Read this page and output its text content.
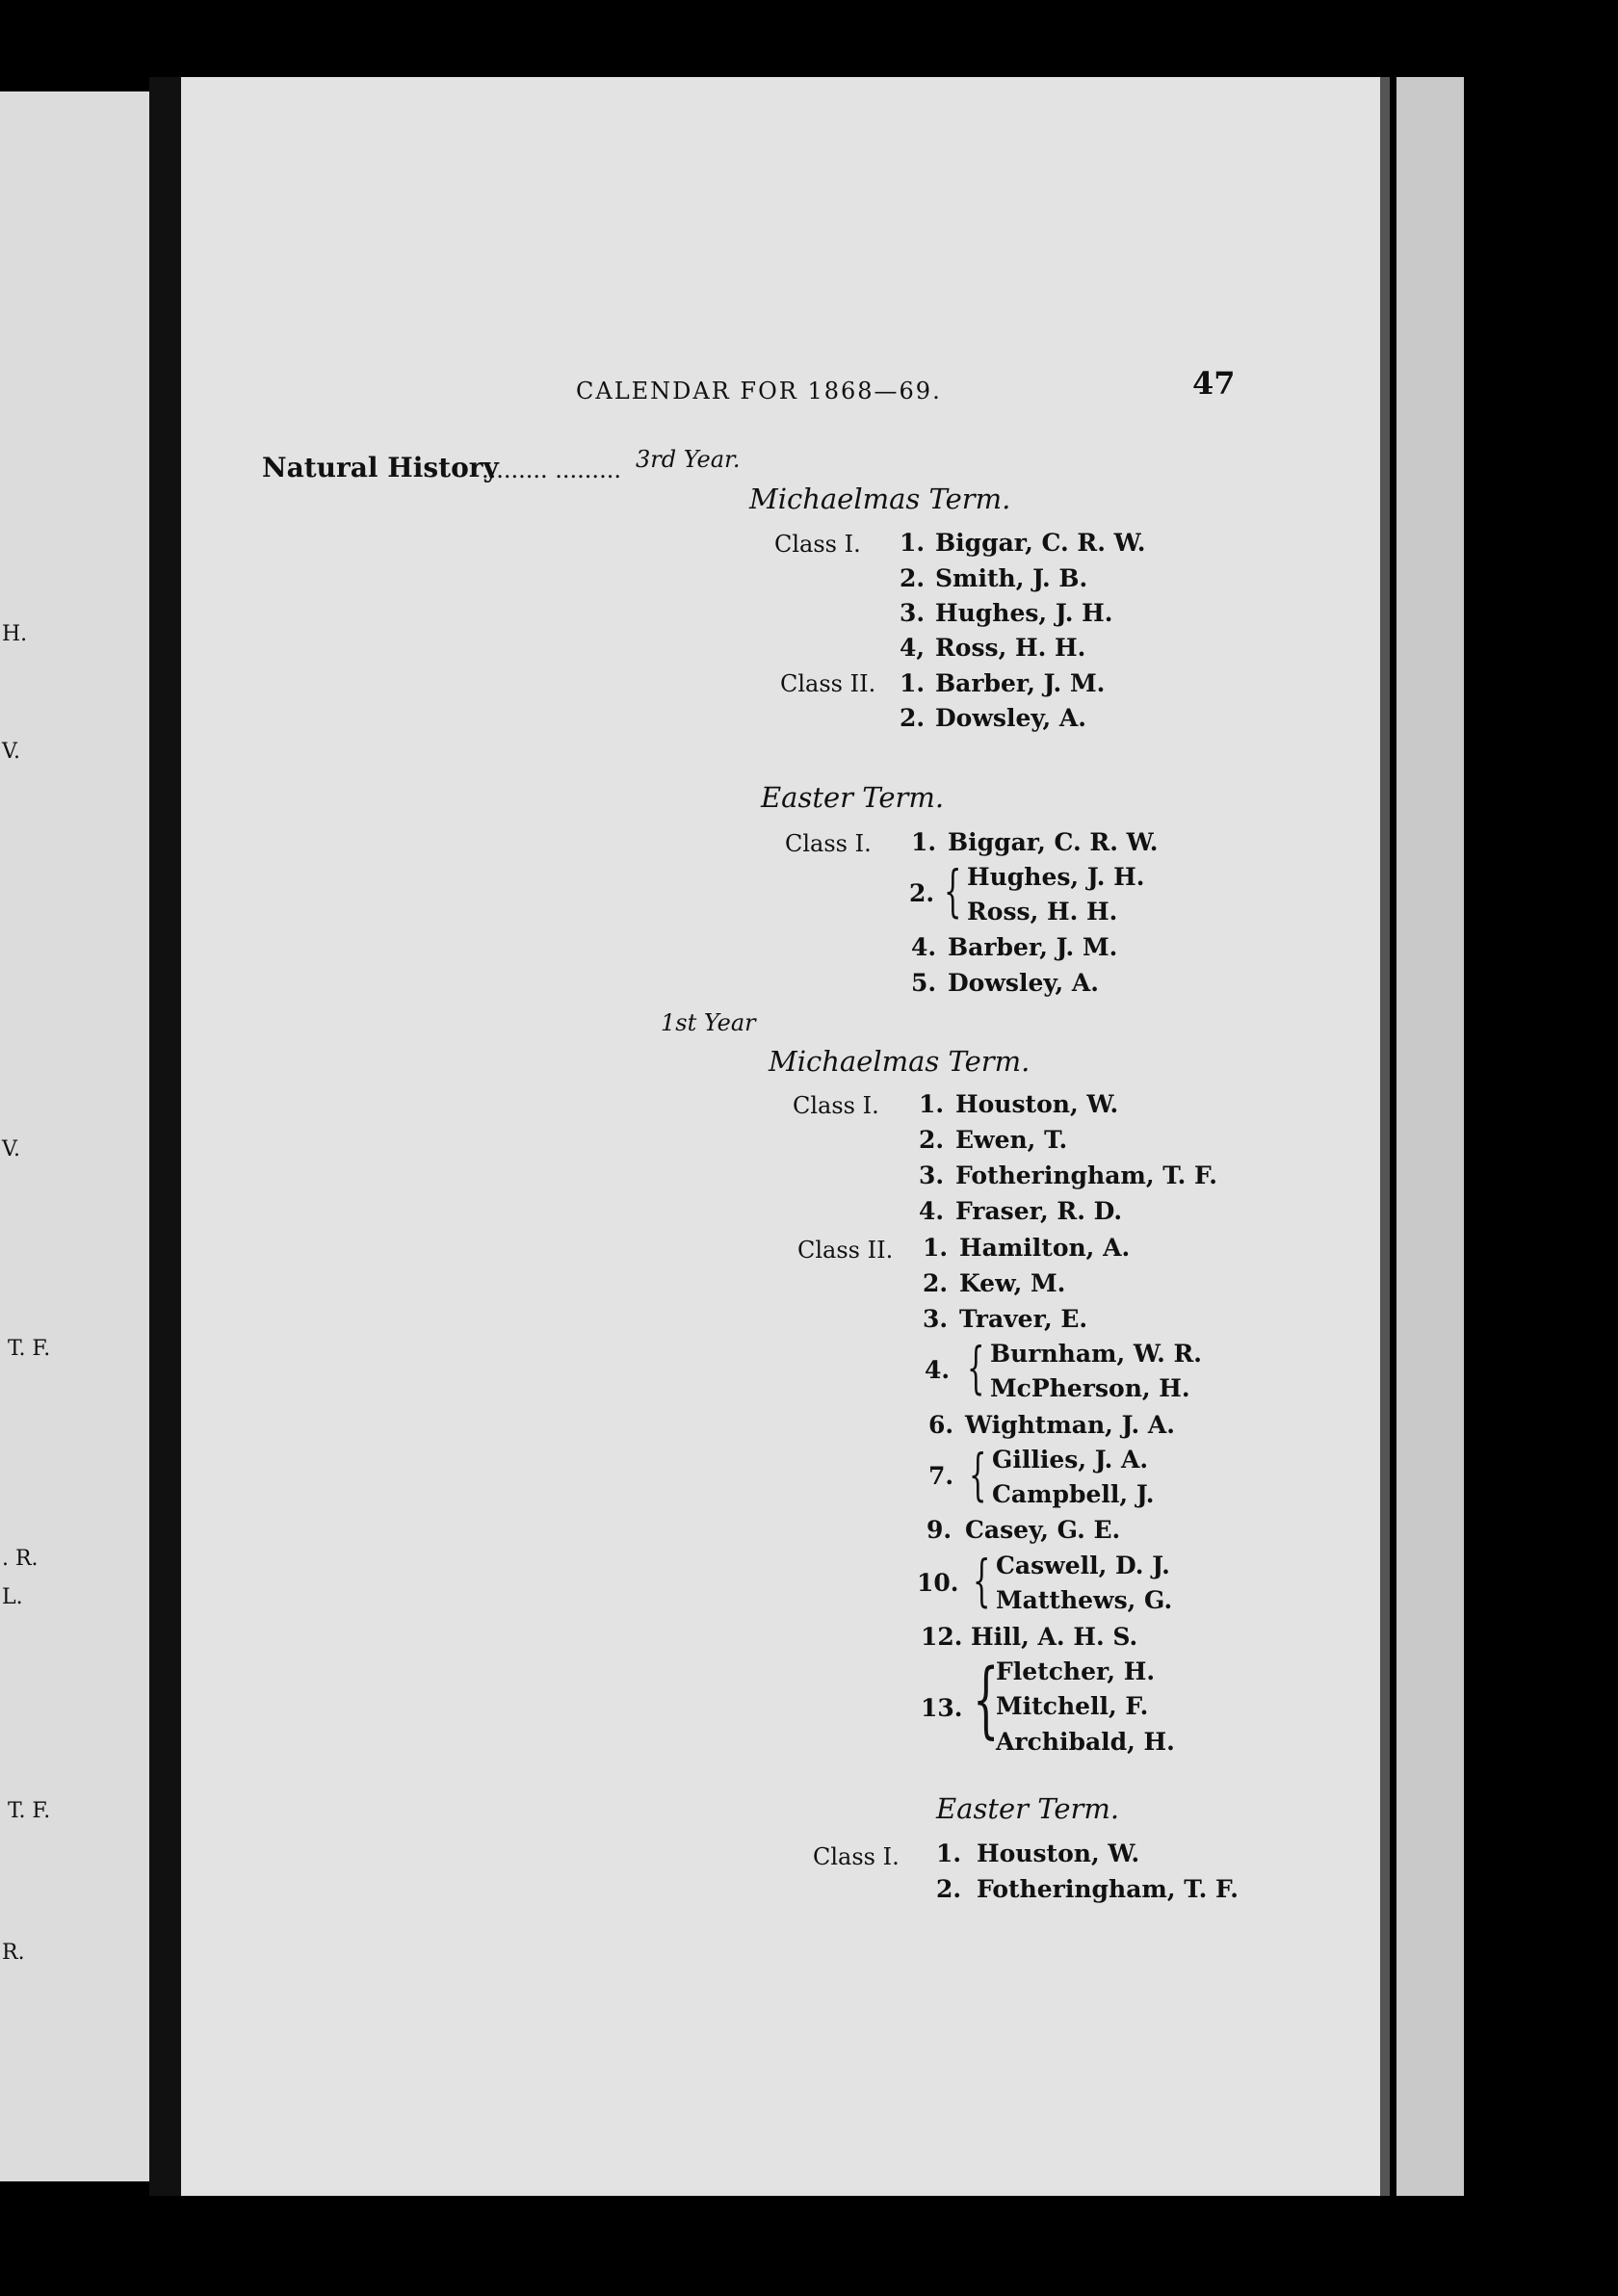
H.
V.
V.
T. F.
. R.
L.
T. F.
R.
CALENDAR FOR 1868—69.	47
Natural History
......... ......... 3rd Year.
Michaelmas Term.
Class I. 1. Biggar, C. R. W.
2. Smith, J. B.
3. Hughes, J. H.
4, Ross, H. H.
Class II. 1. Barber, J. M.
2. Dowsley, A.
Easter Term.
Class I. 1. Biggar, C. R. W.
2. { Hughes, J. H.
Ross, H. H.
4. Barber, J. M.
5. Dowsley, A.
1st Year
Michaelmas Term.
Class I. 1. Houston, W.
2. Ewen, T.
3. Fotheringham, T. F.
4. Fraser, R. D.
Class II. 1. Hamilton, A.
2. Kew, M.
3. Traver, E.
4. { Burnham, W. R.
McPherson, H.
6. Wightman, J. A.
7. { Gillies, J. A.
Campbell, J.
9. Casey, G. E.
10. { Caswell, D. J.
Matthews, G.
12. Hill, A. H. S.
{
Fletcher, H.
13. Mitchell, F.
Archibald, H.
Easter Term.
Class I. 1. Houston, W.
2. Fotheringham, T. F.
